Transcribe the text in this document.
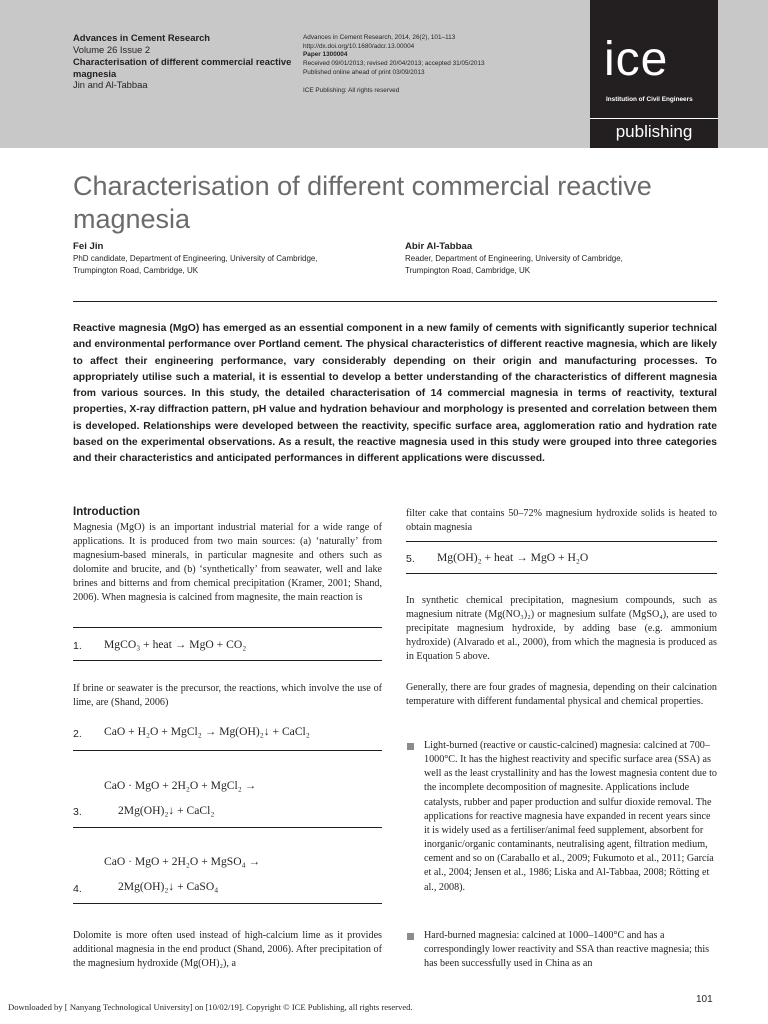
Advances in Cement Research
Volume 26 Issue 2
Characterisation of different commercial reactive magnesia
Jin and Al-Tabbaa
Advances in Cement Research, 2014, 26(2), 101–113
http://dx.doi.org/10.1680/adcr.13.00004
Paper 1300004
Received 09/01/2013; revised 20/04/2013; accepted 31/05/2013
Published online ahead of print 03/09/2013
ICE Publishing: All rights reserved
ice
Institution of Civil Engineers
publishing
Characterisation of different commercial reactive magnesia
Fei Jin
PhD candidate, Department of Engineering, University of Cambridge,
Trumpington Road, Cambridge, UK
Abir Al-Tabbaa
Reader, Department of Engineering, University of Cambridge,
Trumpington Road, Cambridge, UK
Reactive magnesia (MgO) has emerged as an essential component in a new family of cements with significantly superior technical and environmental performance over Portland cement. The physical characteristics of different reactive magnesia, which are likely to affect their engineering performance, vary considerably depending on their origin and manufacturing processes. To appropriately utilise such a material, it is essential to develop a better understanding of the characteristics of different magnesia from various sources. In this study, the detailed characterisation of 14 commercial magnesia in terms of reactivity, textural properties, X-ray diffraction pattern, pH value and hydration behaviour and morphology is presented and correlation between them is developed. Relationships were developed between the reactivity, specific surface area, agglomeration ratio and hydration rate based on the experimental observations. As a result, the reactive magnesia used in this study were grouped into three categories and their characteristics and anticipated performances in different applications were discussed.
Introduction
Magnesia (MgO) is an important industrial material for a wide range of applications. It is produced from two main sources: (a) ‘naturally’ from magnesium-based minerals, in particular magnesite and others such as dolomite and brucite, and (b) ‘synthetically’ from seawater, well and lake brines and bitterns and from chemical precipitation (Kramer, 2001; Shand, 2006). When magnesia is calcined from magnesite, the main reaction is
1. MgCO₃ + heat → MgO + CO₂
If brine or seawater is the precursor, the reactions, which involve the use of lime, are (Shand, 2006)
2. CaO + H₂O + MgCl₂ → Mg(OH)₂↓ + CaCl₂
CaO · MgO + 2H₂O + MgCl₂ →
3.	2Mg(OH)₂↓ + CaCl₂
CaO · MgO + 2H₂O + MgSO₄ →
4.	2Mg(OH)₂↓ + CaSO₄
Dolomite is more often used instead of high-calcium lime as it provides additional magnesia in the end product (Shand, 2006). After precipitation of the magnesium hydroxide (Mg(OH)₂), a
filter cake that contains 50–72% magnesium hydroxide solids is heated to obtain magnesia
5. Mg(OH)₂ + heat → MgO + H₂O
In synthetic chemical precipitation, magnesium compounds, such as magnesium nitrate (Mg(NO₃)₂) or magnesium sulfate (MgSO₄), are used to precipitate magnesium hydroxide, by adding base (e.g. ammonium hydroxide) (Alvarado et al., 2000), from which the magnesia is produced as in Equation 5 above.
Generally, there are four grades of magnesia, depending on their calcination temperature with different fundamental physical and chemical properties.
Light-burned (reactive or caustic-calcined) magnesia: calcined at 700–1000°C. It has the highest reactivity and specific surface area (SSA) as well as the least crystallinity and has the lowest magnesia content due to the incomplete decomposition of magnesite. Applications include catalysts, rubber and paper production and sulfur dioxide removal. The applications for reactive magnesia have expanded in recent years since it is widely used as a fertiliser/animal feed supplement, absorbent for inorganic/organic contaminants, neutralising agent, filtration medium, cement and so on (Caraballo et al., 2009; Fukumoto et al., 2011; García et al., 2004; Jensen et al., 1986; Liska and Al-Tabbaa, 2008; Rötting et al., 2008).
Hard-burned magnesia: calcined at 1000–1400°C and has a correspondingly lower reactivity and SSA than reactive magnesia; this has been successfully used in China as an
101
Downloaded by [ Nanyang Technological University] on [10/02/19]. Copyright © ICE Publishing, all rights reserved.
